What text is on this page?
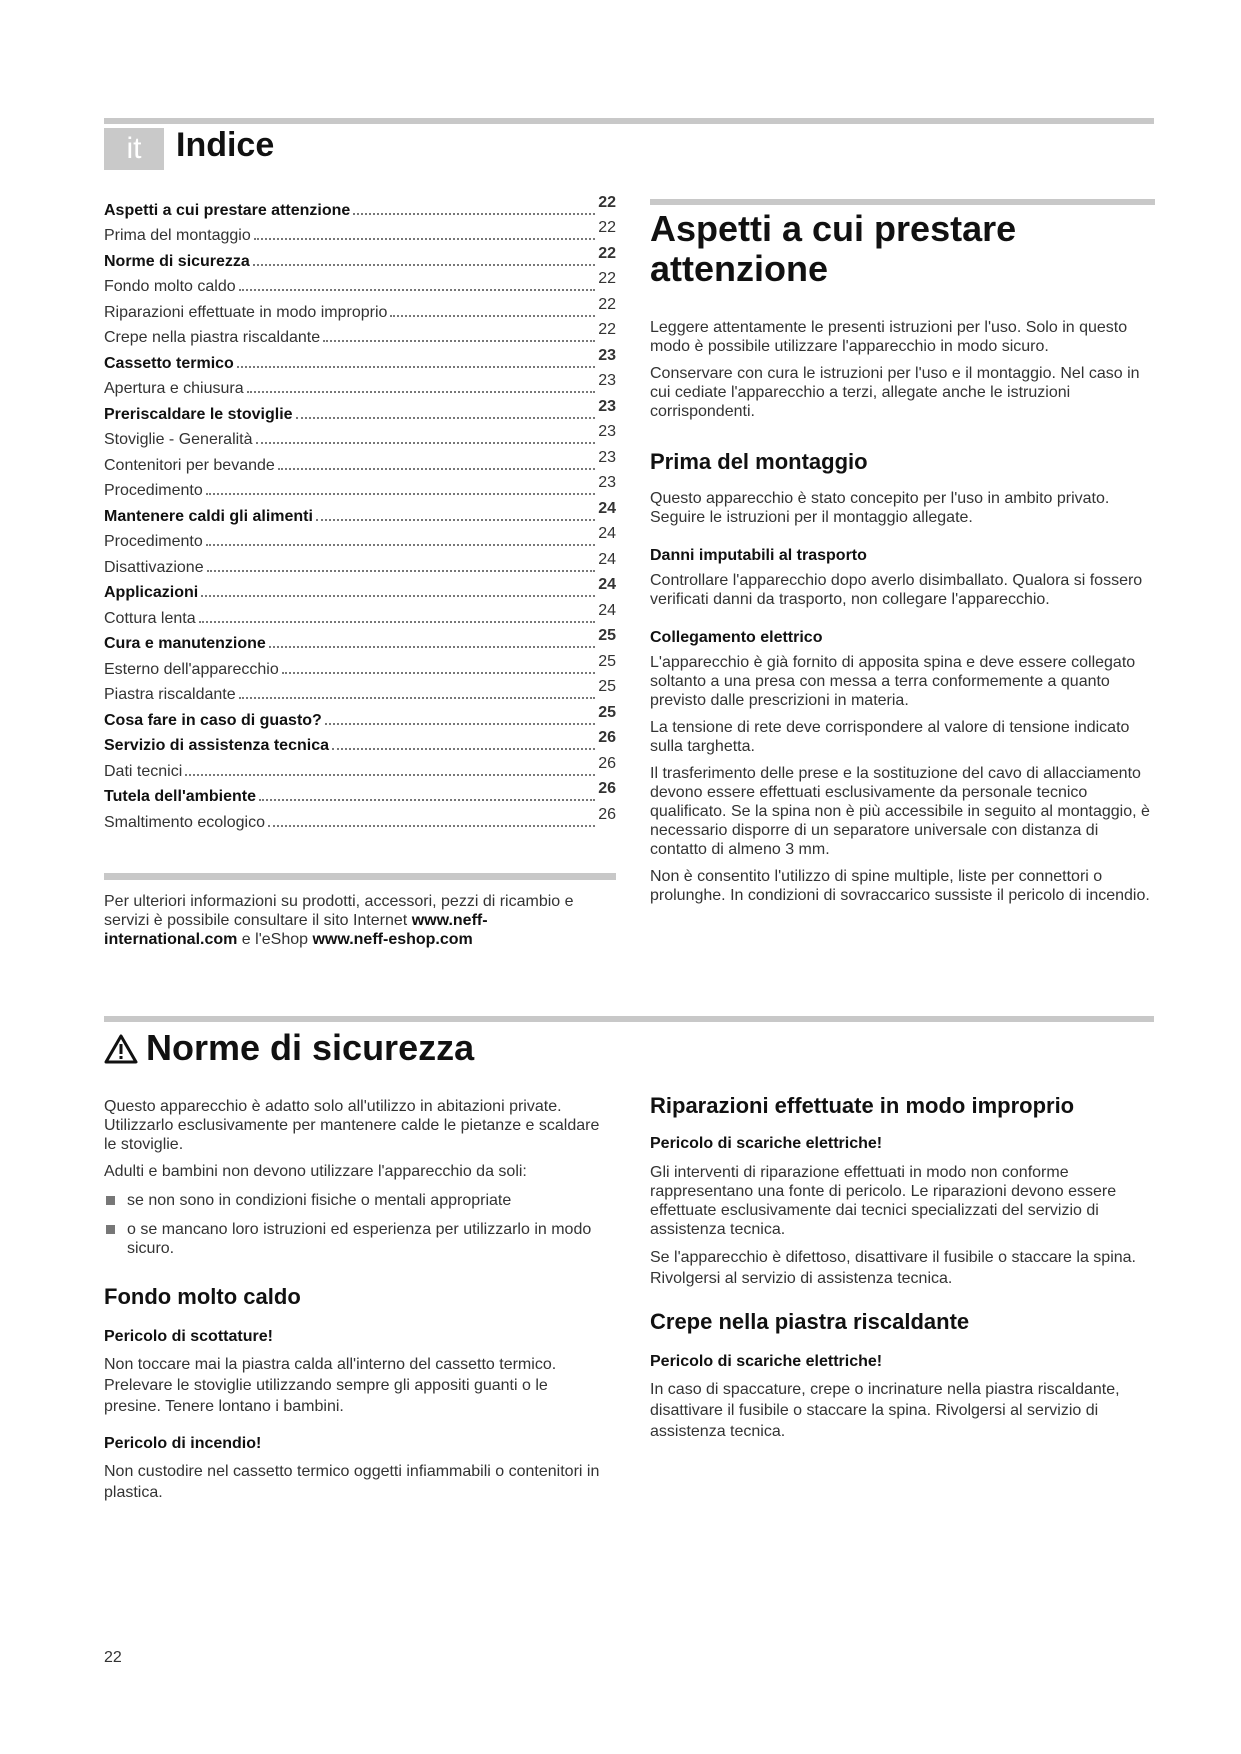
it	Indice
Aspetti a cui prestare attenzione	22
Prima del montaggio	22
Norme di sicurezza	22
Fondo molto caldo	22
Riparazioni effettuate in modo improprio	22
Crepe nella piastra riscaldante	22
Cassetto termico	23
Apertura e chiusura	23
Preriscaldare le stoviglie	23
Stoviglie - Generalità	23
Contenitori per bevande	23
Procedimento	23
Mantenere caldi gli alimenti	24
Procedimento	24
Disattivazione	24
Applicazioni	24
Cottura lenta	24
Cura e manutenzione	25
Esterno dell'apparecchio	25
Piastra riscaldante	25
Cosa fare in caso di guasto?	25
Servizio di assistenza tecnica	26
Dati tecnici	26
Tutela dell'ambiente	26
Smaltimento ecologico	26

Per ulteriori informazioni su prodotti, accessori, pezzi di ricambio e servizi è possibile consultare il sito Internet www.neff-international.com e l'eShop www.neff-eshop.com

Aspetti a cui prestare attenzione

Leggere attentamente le presenti istruzioni per l'uso. Solo in questo modo è possibile utilizzare l'apparecchio in modo sicuro.

Conservare con cura le istruzioni per l'uso e il montaggio. Nel caso in cui cediate l'apparecchio a terzi, allegate anche le istruzioni corrispondenti.

Prima del montaggio

Questo apparecchio è stato concepito per l'uso in ambito privato. Seguire le istruzioni per il montaggio allegate.

Danni imputabili al trasporto

Controllare l'apparecchio dopo averlo disimballato. Qualora si fossero verificati danni da trasporto, non collegare l'apparecchio.

Collegamento elettrico

L'apparecchio è già fornito di apposita spina e deve essere collegato soltanto a una presa con messa a terra conformemente a quanto previsto dalle prescrizioni in materia.

La tensione di rete deve corrispondere al valore di tensione indicato sulla targhetta.

Il trasferimento delle prese e la sostituzione del cavo di allacciamento devono essere effettuati esclusivamente da personale tecnico qualificato. Se la spina non è più accessibile in seguito al montaggio, è necessario disporre di un separatore universale con distanza di contatto di almeno 3 mm.

Non è consentito l'utilizzo di spine multiple, liste per connettori o prolunghe. In condizioni di sovraccarico sussiste il pericolo di incendio.

Norme di sicurezza

Questo apparecchio è adatto solo all'utilizzo in abitazioni private. Utilizzarlo esclusivamente per mantenere calde le pietanze e scaldare le stoviglie.

Adulti e bambini non devono utilizzare l'apparecchio da soli:

se non sono in condizioni fisiche o mentali appropriate
o se mancano loro istruzioni ed esperienza per utilizzarlo in modo sicuro.
Fondo molto caldo
Pericolo di scottature!

Non toccare mai la piastra calda all'interno del cassetto termico. Prelevare le stoviglie utilizzando sempre gli appositi guanti o le presine. Tenere lontano i bambini.

Pericolo di incendio!

Non custodire nel cassetto termico oggetti infiammabili o contenitori in plastica.

Riparazioni effettuate in modo improprio
Pericolo di scariche elettriche!

Gli interventi di riparazione effettuati in modo non conforme rappresentano una fonte di pericolo. Le riparazioni devono essere effettuate esclusivamente dai tecnici specializzati del servizio di assistenza tecnica.

Se l'apparecchio è difettoso, disattivare il fusibile o staccare la spina. Rivolgersi al servizio di assistenza tecnica.

Crepe nella piastra riscaldante
Pericolo di scariche elettriche!

In caso di spaccature, crepe o incrinature nella piastra riscaldante, disattivare il fusibile o staccare la spina. Rivolgersi al servizio di assistenza tecnica.

22
